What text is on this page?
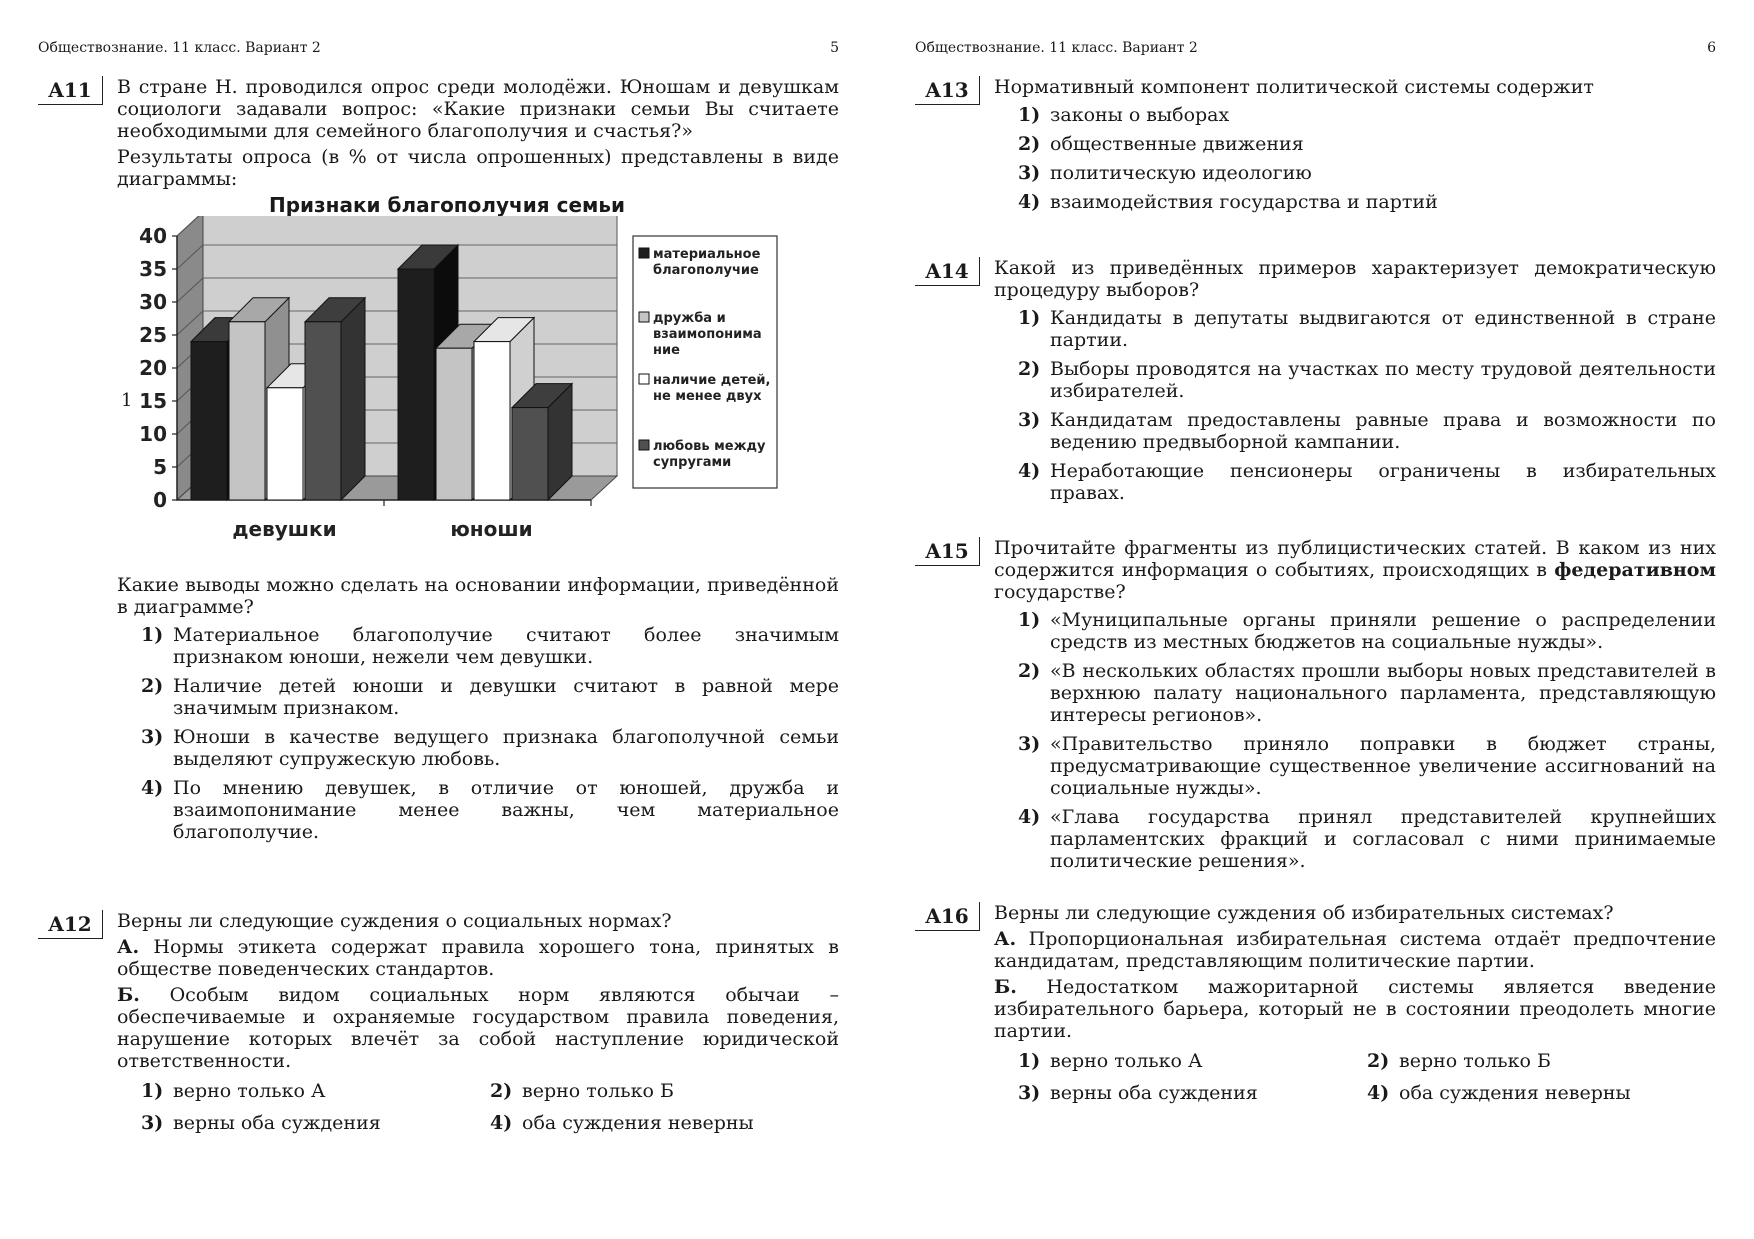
Обществознание. 11 класс. Вариант 2	5
A11	В стране Н. проводился опрос среди молодёжи. Юношам и девушкам социологи задавали вопрос: «Какие признаки семьи Вы считаете необходимыми для семейного благополучия и счастья?»

Результаты опроса (в % от числа опрошенных) представлены в виде диаграммы:

Признаки благополучия семьи
0
5
10
15
20
25
30
35
40
девушки	юноши
материальное
благополучие
дружба и
взаимопонима
ние
наличие детей,
не менее двух
любовь между
супругами

Какие выводы можно сделать на основании информации, приведённой в диаграмме?

1) Материальное благополучие считают более значимым признаком юноши, нежели чем девушки.
2) Наличие детей юноши и девушки считают в равной мере значимым признаком.
3) Юноши в качестве ведущего признака благополучной семьи выделяют супружескую любовь.
4) По мнению девушек, в отличие от юношей, дружба и взаимопонимание менее важны, чем материальное благополучие.
1
A12	Верны ли следующие суждения о социальных нормах?

А. Нормы этикета содержат правила хорошего тона, принятых в обществе поведенческих стандартов.

Б. Особым видом социальных норм являются обычаи – обеспечиваемые и охраняемые государством правила поведения, нарушение которых влечёт за собой наступление юридической ответственности.

1) верно только А	2) верно только Б
3) верны оба суждения	4) оба суждения неверны
Обществознание. 11 класс. Вариант 2	6
A13	Нормативный компонент политической системы содержит

1) законы о выборах
2) общественные движения
3) политическую идеологию
4) взаимодействия государства и партий
A14	Какой из приведённых примеров характеризует демократическую процедуру выборов?

1) Кандидаты в депутаты выдвигаются от единственной в стране партии.
2) Выборы проводятся на участках по месту трудовой деятельности избирателей.
3) Кандидатам предоставлены равные права и возможности по ведению предвыборной кампании.
4) Неработающие пенсионеры ограничены в избирательных правах.
A15	Прочитайте фрагменты из публицистических статей. В каком из них содержится информация о событиях, происходящих в федеративном государстве?

1) «Муниципальные органы приняли решение о распределении средств из местных бюджетов на социальные нужды».
2) «В нескольких областях прошли выборы новых представителей в верхнюю палату национального парламента, представляющую интересы регионов».
3) «Правительство приняло поправки в бюджет страны, предусматривающие существенное увеличение ассигнований на социальные нужды».
4) «Глава государства принял представителей крупнейших парламентских фракций и согласовал с ними принимаемые политические решения».
A16	Верны ли следующие суждения об избирательных системах?

А. Пропорциональная избирательная система отдаёт предпочтение кандидатам, представляющим политические партии.

Б. Недостатком мажоритарной системы является введение избирательного барьера, который не в состоянии преодолеть многие партии.

1) верно только А	2) верно только Б
3) верны оба суждения	4) оба суждения неверны
